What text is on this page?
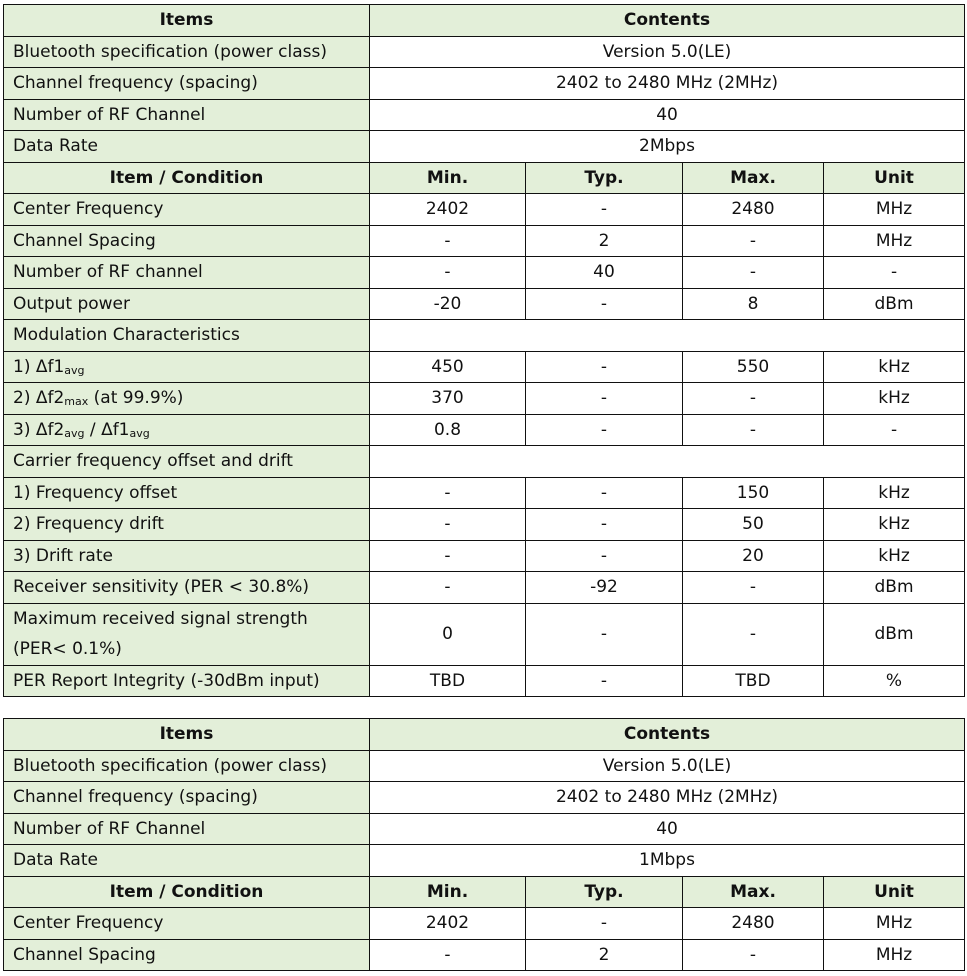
Items	Contents			
Bluetooth specification (power class)	Version 5.0(LE)			
Channel frequency (spacing)	2402 to 2480 MHz (2MHz)			
Number of RF Channel	40			
Data Rate	2Mbps			
Item / Condition	Min.	Typ.	Max.	Unit
Center Frequency	2402	-	2480	MHz
Channel Spacing	-	2	-	MHz
Number of RF channel	-	40	-	-
Output power	-20	-	8	dBm
Modulation Characteristics				
1) $\Delta f1_{avg}$	450	-	550	kHz
2) $\Delta f2_{max}$ (at 99.9%)	370	-	-	kHz
3) $\Delta f2_{avg} / \Delta f1_{avg}$	0.8	-	-	-
Carrier frequency offset and drift				
1) Frequency offset	-	-	150	kHz
2) Frequency drift	-	-	50	kHz
3) Drift rate	-	-	20	kHz
Receiver sensitivity (PER < 30.8%)	-	-92	-	dBm

Maximum received signal strength
(PER< 0.1%)	0	-	-	dBm
PER Report Integrity (-30dBm input)	TBD	-	TBD	%
Items	Contents			
Bluetooth specification (power class)	Version 5.0(LE)			
Channel frequency (spacing)	2402 to 2480 MHz (2MHz)			
Number of RF Channel	40			
Data Rate	1Mbps			
Item / Condition	Min.	Typ.	Max.	Unit
Center Frequency	2402	-	2480	MHz
Channel Spacing	-	2	-	MHz
